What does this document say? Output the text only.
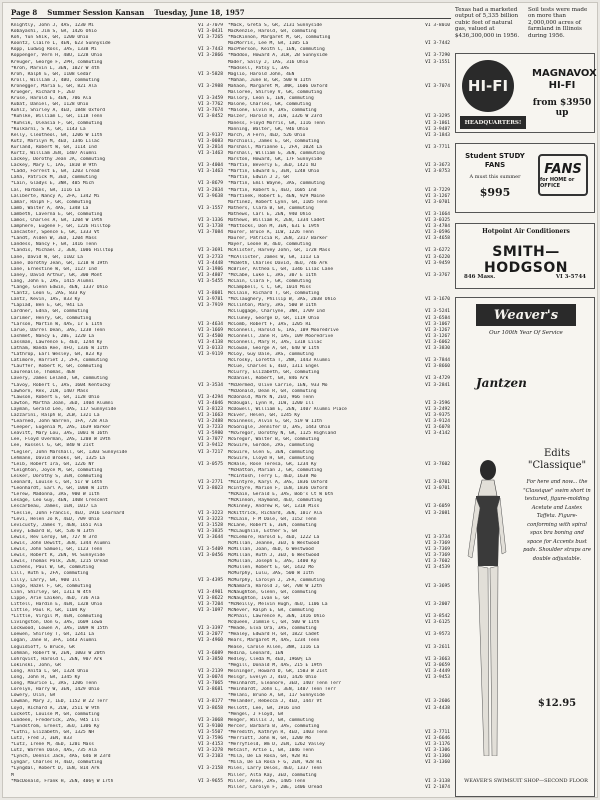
Page 8 Summer Session Kansan Tuesday, June 18, 1957
Knightly, John J, 4AS, 1230 Mi	VI 3-7079
Kobayashi, Jim S, GR, 1426 Ohio	VI 3-0431
Koh, Yun Shik, GR, 1200 Ohio	VI 3-7265
Koontz, Claire L, 4EN, 623 Sunnyside
Kopp, Ludwig Ross, 3AS, 1338 Mi	VI 3-7443
Koppenger, Vern H, 4BU, 1228 Ohio	VI 3-2866
Kreuger, George F, 2PH, commuting
*Kroh, Marvin L, 3EN, 1027 W 4th
Kroh, Ralph E, GR, 1108 Cedar	VI 3-5828
Kroll, William J, 4BU, commuting
Kronegger, Maria E, GR, 821 Ala	VI 3-2988
Krueger, Richard F, 2EU
Kruse, Harold E, 4EN, 706 Ala	VI 3-3459
Kubat, Daniel, GR, 1128 Ohio	VI 3-7762
Kuhlz, Shirley A, 4ED, 1848 Oxford	VI 3-7674
*Kuhlke, William L, GR, 1118 Tenn	VI 3-8452
*Kuhsik, Oleasia F, GR, commuting
*Kulkarni, S K, GR, 1143 La
Kelly, Cleotheol, GR, 1206 W 11th	VI 3-9137
Kutz, Marilyn M, 4ED, 1346 Lilac	VI 3-0083
Kurland, Robert W, GR, 1114 Ind	VI 3-2814
Kurtz, William JEN, 1407 Alumni	VI 3-1463
Lackey, Dorothy Jean JA, commuting
Lackey, Mary C, 1AS, 1810 W 9th	VI 3-4004
*Ladd, Forrest E, GR, 1203 Cread	VI 3-1463
Laha, Patrick M, 3ED, commuting
*Lain, Gladys E, 3NR, 405 Mich	VI 3-8679
Lal, Harbans, GR, 1116 La	VI 3-2834
Laliberte, Nancy A, 2FA, 1342 Mi	VI 3-9638
Lamar, Ralph F, GR, commuting
Lamb, Walter A, 4AS, 1348 La	VI 3-1557
Lambeth, Laverna E, GR, commuting
Lamos, Charles A, GR, 1204 W 19th	VI 3-1336
Lamphere, Eugene F, GR, 1226 Hilltop	VI 3-1738
Lancaster, Spence E, GR, 1333 Vt	VI 3-7084
*Landt, Alden W, 3ED, 1204 Mass
Landess, Nancy F, GR, 1416 Tenn
*Landis, Michael J, 3EN, 1006 Hilltop	VI 3-3691
Lane, David W, GR, 1102 La	VI 3-2733
Lane, Dorothy Jean, GR, 1218 W 19th	VI 3-4448
Lane, Ernestine W, GR, 1127 Ind	VI 3-1986
Laney, David Arthur, GR, 300 Mont	VI 3-4807
Lang, John E, 2AS, 1415 Alumni	VI 3-5455
*Lange, Glenn Edwin, 4EN, 1337 Ohio
*Lantz, Leon G, 2AS, 833 Ky	VI 3-8081
Lantz, Kevin, 1AS, 833 Ky	VI 3-9781
*Lapiad, Ben E, GR, 941 La	VI 3-7919
Lardner, Edna, GR, commuting
Larimer, Henry, GR, commuting
*Larson, Martin W, 4AS, 17 E 11th	VI 3-4634
Larue, Darrel Dean, 3AS, 1238 Tenn	VI 3-1669
Lashmet, Nancy E, 2BE, 1220 La	VI 3-4500
Lassman, Lawrence E, 4EU, 1244 Ky	VI 3-4138
Latham, Wanda Ree, 4FO, 1336 W 11th	VI 3-0133
*Lathrop, Earl Wesley, GR, 823 Ky	VI 3-9119
Latimore, Harriet J, 2FA, commuting
*Lauffer, Robert R, GR, commuting
Laurenalle, Thomas, 4EN
Lavery, James Leland, GR, commuting
*Lavoy, Robert C, 3AS, 1604 Kentucky	VI 3-3534
Lawhorn, Rex, 2LW, 1407 Mass
*Lawson, Robert E, GR, 1128 Ohio	VI 3-4294
Lawton, Martha Joan, 3ED, 1404 Alumni	VI 3-4046
Layman, Gerald Lee, 4AS, 117 Sunnyside	VI 3-8123
Lazzarini, Ralph B, 2LW, 1321 La	VI 3-1663
*Learned, John Warren, 1FA, 728 Ala	VI 3-2488
*Leeper, Eugenia M, 2AS, 1639 Barker	VI 3-7233
Leavitt, Mary Lou, 3AS, 1001 W 16th	VI 3-5980
Lee, Floyd Overman, 2AS, 1208 W 19th	VI 3-7077
Lee, Russell G, GR, 840 W 21st	VI 3-9412
*Legler, John Marshall, GR, 1303 Sunnyside	VI 3-7217
Lehmann, David Brooks, GR, 1325 La
*Leib, Robert Ira, GR, 1226 NY	VI 3-0575
*Leighton, Joyce M, GR, commuting
Leiker, Dorothy S, 3EN, commuting
Leonard, Louise C, GR, 517 W 14th	VI 3-2771
*Leonhardt, Earl A, GR, 1008 W 11th	VI 3-8023
*Lerew, Madonna, 3AS, 900 W 11th
Lesage, Leo Guy, 4EN, 1408 Crescent
Lescarbeau, James, 1EN, 1017 La
*Leslie, John Francis, 4EU, 1916 Learnard	VI 3-3223
*Levi, Helen Jo K, 4ED, 709 Ohio	VI 3-3223
Levicusty, James Y, 4EN, 1651 Ala	VI 3-1528
Levy, Edward B, GR, 536 W 13th	VI 3-3835
Lewis, Rev Leroy, GR, 727 N 3rd	VI 3-3644
Lewis, John Dewitt, 3EN, 1344 Alumni
Lewis, John Samuel, GR, 1123 Tenn	VI 3-5409
Lewis, Robert R, 2EN, 9C Sunnyside	VI 3-0456
Lewis, Thomas Polk, 2EN, 1215 Oread
Lichens, Paul W, GR, commuting
Lill, Ruth E, 2FA, commuting
Lilly, Larry, GR, 900 Ill	VI 3-4395
Lingo, Hazel F, GR, commuting
Linn, Shirley, GR, 1311 W 4th	VI 3-4901
Lippe, Arie Laiken, 4ED, 736 Ala	VI 3-8622
Littell, Hardin E, 4EN, 1328 Ohio	VI 3-7204
Little, Paul R, GR, 1104 Ky	VI 3-1097
*Little, Virgil M, 4EN, commuting
Livingston, Don G, 3AS, 1609 Iowa
Lockwood, Lowen A, 3AS, 1009 W 15th	VI 3-3397
Loewen, Shirley T, GR, 1241 La	VI 3-2077
Logan, Jane B, 3FA, 1443 Alumni	VI 3-4960
Loguidioff, G Bruce, GR
Lohman, Robert W, 2EN, 1003 W 20th	VI 3-6089
Lohrqvist, Harold C, 2EN, 907 Ark	VI 3-3850
Lokinski, John, GR
Long, Anita L, GR, 1324 Ohio	VI 3-2139
Long, John R, GR, 1345 Ky	VI 3-0074
Long, Maurice L, 3AS, 1206 Tenn	VI 3-7065
Lorelyn, Harry W, 3EN, 1429 Ohio	VI 3-8681
Lowery, Olin, GR
Lowman, Mary J, 1ED, 1152 W 22 Terr	VI 3-8177
Loyd, Richard A, 2LW, 2511 W 9th	VI 3-8658
Luckett, Louise M, GR, commuting
Lundeen, Frederick, 2AS, 945 Ill	VI 3-3068
*Lundstrom, Ernest, 3EU, 1306 Ky	VI 3-9100
*Luthi, Elizabeth, GR, 1325 NH	VI 3-5507
Lutz, Fred J, 3EN, 833	VI 3-7596
*Lutz, Irene M, 4ED, 1201 Mass	VI 3-4153
Lutz, Warren Dale, 4AS, 735 Ala	VI 3-3278
*Lynch, Dennis Jack, 4AS, 646 W 23rd	VI 3-2103
Lyngar, Charles H, 4ED, commuting
*Lyngdal, Robert D, 1EN, 814 Ark	VI 3-2158
M
*MacDonald, Frank H, 2EN, 406½ W 17th	VI 3-9655
*Mack, Greta S, GR, 2131 Sunnyside	VI 3-8010
MacKenzie, Harold, GR, commuting
*MacKinnon, Margaret M, GR, commuting
MacMorris, Lee M, GR, 1105 La	VI 3-7442
MacPherson, Keith C, 1EN, commuting
*Maddox, Howard A, 3LW, 2B Sunnyside	VI 3-7290
Mader, Sally J, 1AS, 316 Ohio	VI 3-1551
*Madsell, Patsy L, 3AS
Maglio, Harold John, 4EN
*Mahan, June B, GR, 500 W 11th
Mahaon, Margaret M, 3NR, 1606 Oxford	VI 3-7074
Malloree, Shirley V, GR, commuting
Mallory, Leon E, 1EN, commuting
Malone, Charles, GR, commuting
*Malone, Elvin H, 3AS, commuting
Malzer, Harold R, 3LW, 1326 W 23rd	VI 3-3295
Maness, Floyd Morris, GR, 1116 Tenn	VI 3-1861
Manning, Walter, GR, 946 Ohio	VI 3-9487
March, A Fern, 4ED, 526 Ohio	VI 3-1843
Marchioli, James E, GR, commuting
Marshall, Marianne L, 2FA, 1024 La	VI 3-7711
Marshall, William G, 3EN, commuting
Marston, Howard, GR, 17F Sunnyside
*Martin, Beverly E, 3ED, 1421 NJ	VI 3-3673
*Martin, Edward E, 3EN, 1248 Ohio	VI 3-8753
*Martin, Edwin J J, GR
*Martin, Emil Wayne, 3AS, commuting
*Martin, Robert E, 4EU, 1605 Ind	VI 3-7229
*Martinek, Robert E, 4EN, 929 Maine	VI 3-1267
Martinez, Robert Lynn, GR, 1105 Tenn	VI 3-0701
Mathers, Clara B, GR, commuting
Mathews, Carl E, 2EN, 940 Ohio	VI 3-1664
Mathews, William R, 2EN, 1334 Cadet	VI 3-0325
*Mattocks, Don M, 3EN, 631 E 19th	VI 3-4784
Maurer, Bruce A, 1LW, 1226 Tenn	VI 3-0596
Maurer, Patricia R, 2EN, 2317 Barker	VI 3-4658
Mayer, Leone W, 4EU, commuting
McAlister, Harvey John, GR, 1728 Mass	VI 3-6272
*McAllister, James W, GR, 1113 La	VI 3-6220
*McBeth, Charles David, 4EU, 746 Ark	VI 3-9459
McBrier, Althea L, GR, 1346 Lilac Lane
*McCabe, Luke L, 3AS, 307 E 11th	VI 3-3767
McCain, Clara F, GR, commuting
McCampbell, C C, GR, 1014 Miss
McClain, Richard T, GR, commuting
*McClaughery, Phillip W, 3AS, 2038 Ohio	VI 3-1670
McClinton, Mary, 3AS, 500 W 11th
McCluggage, Charlyne, 3NR, 1709 Ind	VI 3-5241
McCluney, George D, GR, 1119 Ohio	VI 3-6584
McComb, Robert F, 3AS, 1205 RI	VI 3-1067
McConnell, Harold G, 1AS, 109 Mooredrive	VI 3-1267
McConnell, Jane R, 1AS, 109 Mooredrive	VI 3-1267
McConnell, Mary R, 3AS, 1318 Lilac	VI 3-6062
McCowan, George A, GR, 640 W 11th	VI 3-3830
McCoy, Guy Dale, 3AS, commuting
McCrosky, Loretta T, 2NR, 1443 Alumni	VI 3-7844
McCue, Charles E, 4ED, 1311 Engel	VI 3-8660
McCurry, Elizabeth, GR, commuting
McDaniel, Robert, GR, 846 Ark	VI 3-4729
*McDermed, Olive Carrie, 1EN, 933 Mo	VI 3-2841
*McDonald, Dean R, GR, commuting
McDonald, Mark N, 2EU, 966 Tenn
McDougal, Lynn R, 1LW, 1200 Ill	VI 3-3596
McDowell, William E, 2EN, 1407 Alumni Place	VI 3-2492
McEver, Helen, GR, 1245 Ky	VI 3-9375
McGinness, Alvin G, GR, 519 W 11th	VI 3-9124
McGonigle, Jennifer D, 3AS, 1443 Ohio	VI 3-6078
*McGregor, Dorothy N, GR, 1125 Highland	VI 3-4142
McGregor, Walter B, GR, commuting
McGuire, Gordon, 2AS, commuting
McGuire, Glen G, 3EN, commuting
McGuire, Lloyd H, GR, commuting
McHale, Rose Teresa, GR, 1234 Ky	VI 3-7602
*McHatton, Marian J, GR, commuting
*McIntosh, Terry L, 4ED, 1638 Mo
*McIntyre, Karyl A, 3AS, 1836 Oxford	VI 3-0701
McIntyre, Marion F, 1EN, 1836 Oxford	VI 3-0701
*McKain, Gerald E, 3AS, Bob's Ct W 6th
*McKinnon, Raymond, 4EU, commuting
McKinney, Andrew R, GR, 1318 Miss	VI 3-6059
McKittrick, Richard, 3EN, 1017 Ala	VI 3-2081
*McLain, F M Dale, GR, 1152 Tenn
McLane, Robert E, 3EN, commuting
*McLaughlin, Esther S, GR
*McLemore, Harold E, 4ED, 1222 La	VI 3-3734
McMillan, Jeanne, 3ED, 6 Westwood	VI 3-7369
McMillan, Joan, 4ED, 6 Westwood	VI 3-7369
McMillan, Ruth J, 3ED, 6 Westwood	VI 3-7369
McMullan, Joseph E, 3AS, 1400 Ky	VI 3-7602
McMullen, Robert E, GR, 1432 Mo	VI 3-4539
McMurphy, Lulu, 3AS, 500 W 11th
McMurphy, Carolyn J, 2FA, commuting
McNamara, Harold J, GR, 708 W 12th	VI 3-3695
McNaughton, Glenn, GR, commuting
McNaughton, Ivan E, GR
*McNeilly, Melvin Hugh, 4EU, 1106 La	VI 3-2007
McNever, Ralph E, GR, commuting
McPhail, Lawrence A, 3EN, 1416 Ohio	VI 3-8542
McQueen, Jimmie C, GR, 500 W 11th	VI 3-6125
*Meade, Elva Ora, 3AS, commuting
*Mealey, Edward H, GR, 1822 Cadet	VI 3-9573
Mears, Margaret M, 4AS, 1234 Tenn
Mease, Carole Allen, 3NR, 1116 La	VI 3-2611
Medina, Leonard, 1EN
Medley, Cleda M, 4ED, 1960½ La	VI 3-3663
*Megill, Donald M, 4AS, 215 E 19th	VI 3-0659
Meininger, Howard D, GR, 1503 W 21st	VI 3-4449
Meisgr, Evelyn J, 4EU, 1426 Ohio	VI 3-9453
*Meinhardt, Eleanore, 3ED, 1407 Tenn Terr
*Meinhardt, John L, 3EN, 1407 Tenn Terr
*Melani, Bruno A, GR, 117 Sunnyside
*Melander, Rebecca J, 4ED, 1447 Vt	VI 3-2606
Mellott, Lee, GR, 1916 Ind	VI 3-4438
*Mengel, J Floyd, GR
Menger, Willis J, GR, commuting
Mercer, Barbara B, 3AS, commuting
*Meredith, Kathryn R, 4ED, 1403 Tenn	VI 3-7711
*Merriott, John W, GR, 1200 Mo	VI 3-6646
*Merryfield, Wm D, 2EN, 1262 Valley	VI 3-1176
Metcalf, Artie L, GR, 1046 Tenn	VI 3-1306
*Mila, De La Rosa, GR, 928 RI	VI 3-1360
*Mila, De La Rosa F G, 2EN, 928 RI	VI 3-1360
Miles, Larry Delos, 4EU, 1337 Tenn
Miller, Alta Kay, 3ED, commuting
Miller, Anne, 2AS, 1405 Tenn	VI 3-3138
Miller, Carolyn F, 2BE, 1406 Oread	VI 2-1874
Texas had a marketed output of 5,335 billion cubic feet of natural gas, valued at $436,300,000 in 1956.
Soil tests were made on more than 2,000,000 acres of farmland in Illinois during 1956.
HI-FI
HEADQUARTERS!
MAGNAVOX HI-FI
from $3950 up
Student STUDY FANS
A must this summer
$995
FANS
for HOME or OFFICE
Hotpoint Air Conditioners
SMITH—HODGSON
846 Mass.	VI 3-5744
Weaver's
Our 100th Year Of Service
Jantzen
Edits "Classique"
For here and now... the "Classique" swim short in textured, figure-molding Acetate and Lastex Taffeta. Figure-conforming with spiral spax bra boning and space for Accents bust pads. Shoulder straps are double adjustable.
$12.95
WEAVER'S SWIMSUIT SHOP—SECOND FLOOR
